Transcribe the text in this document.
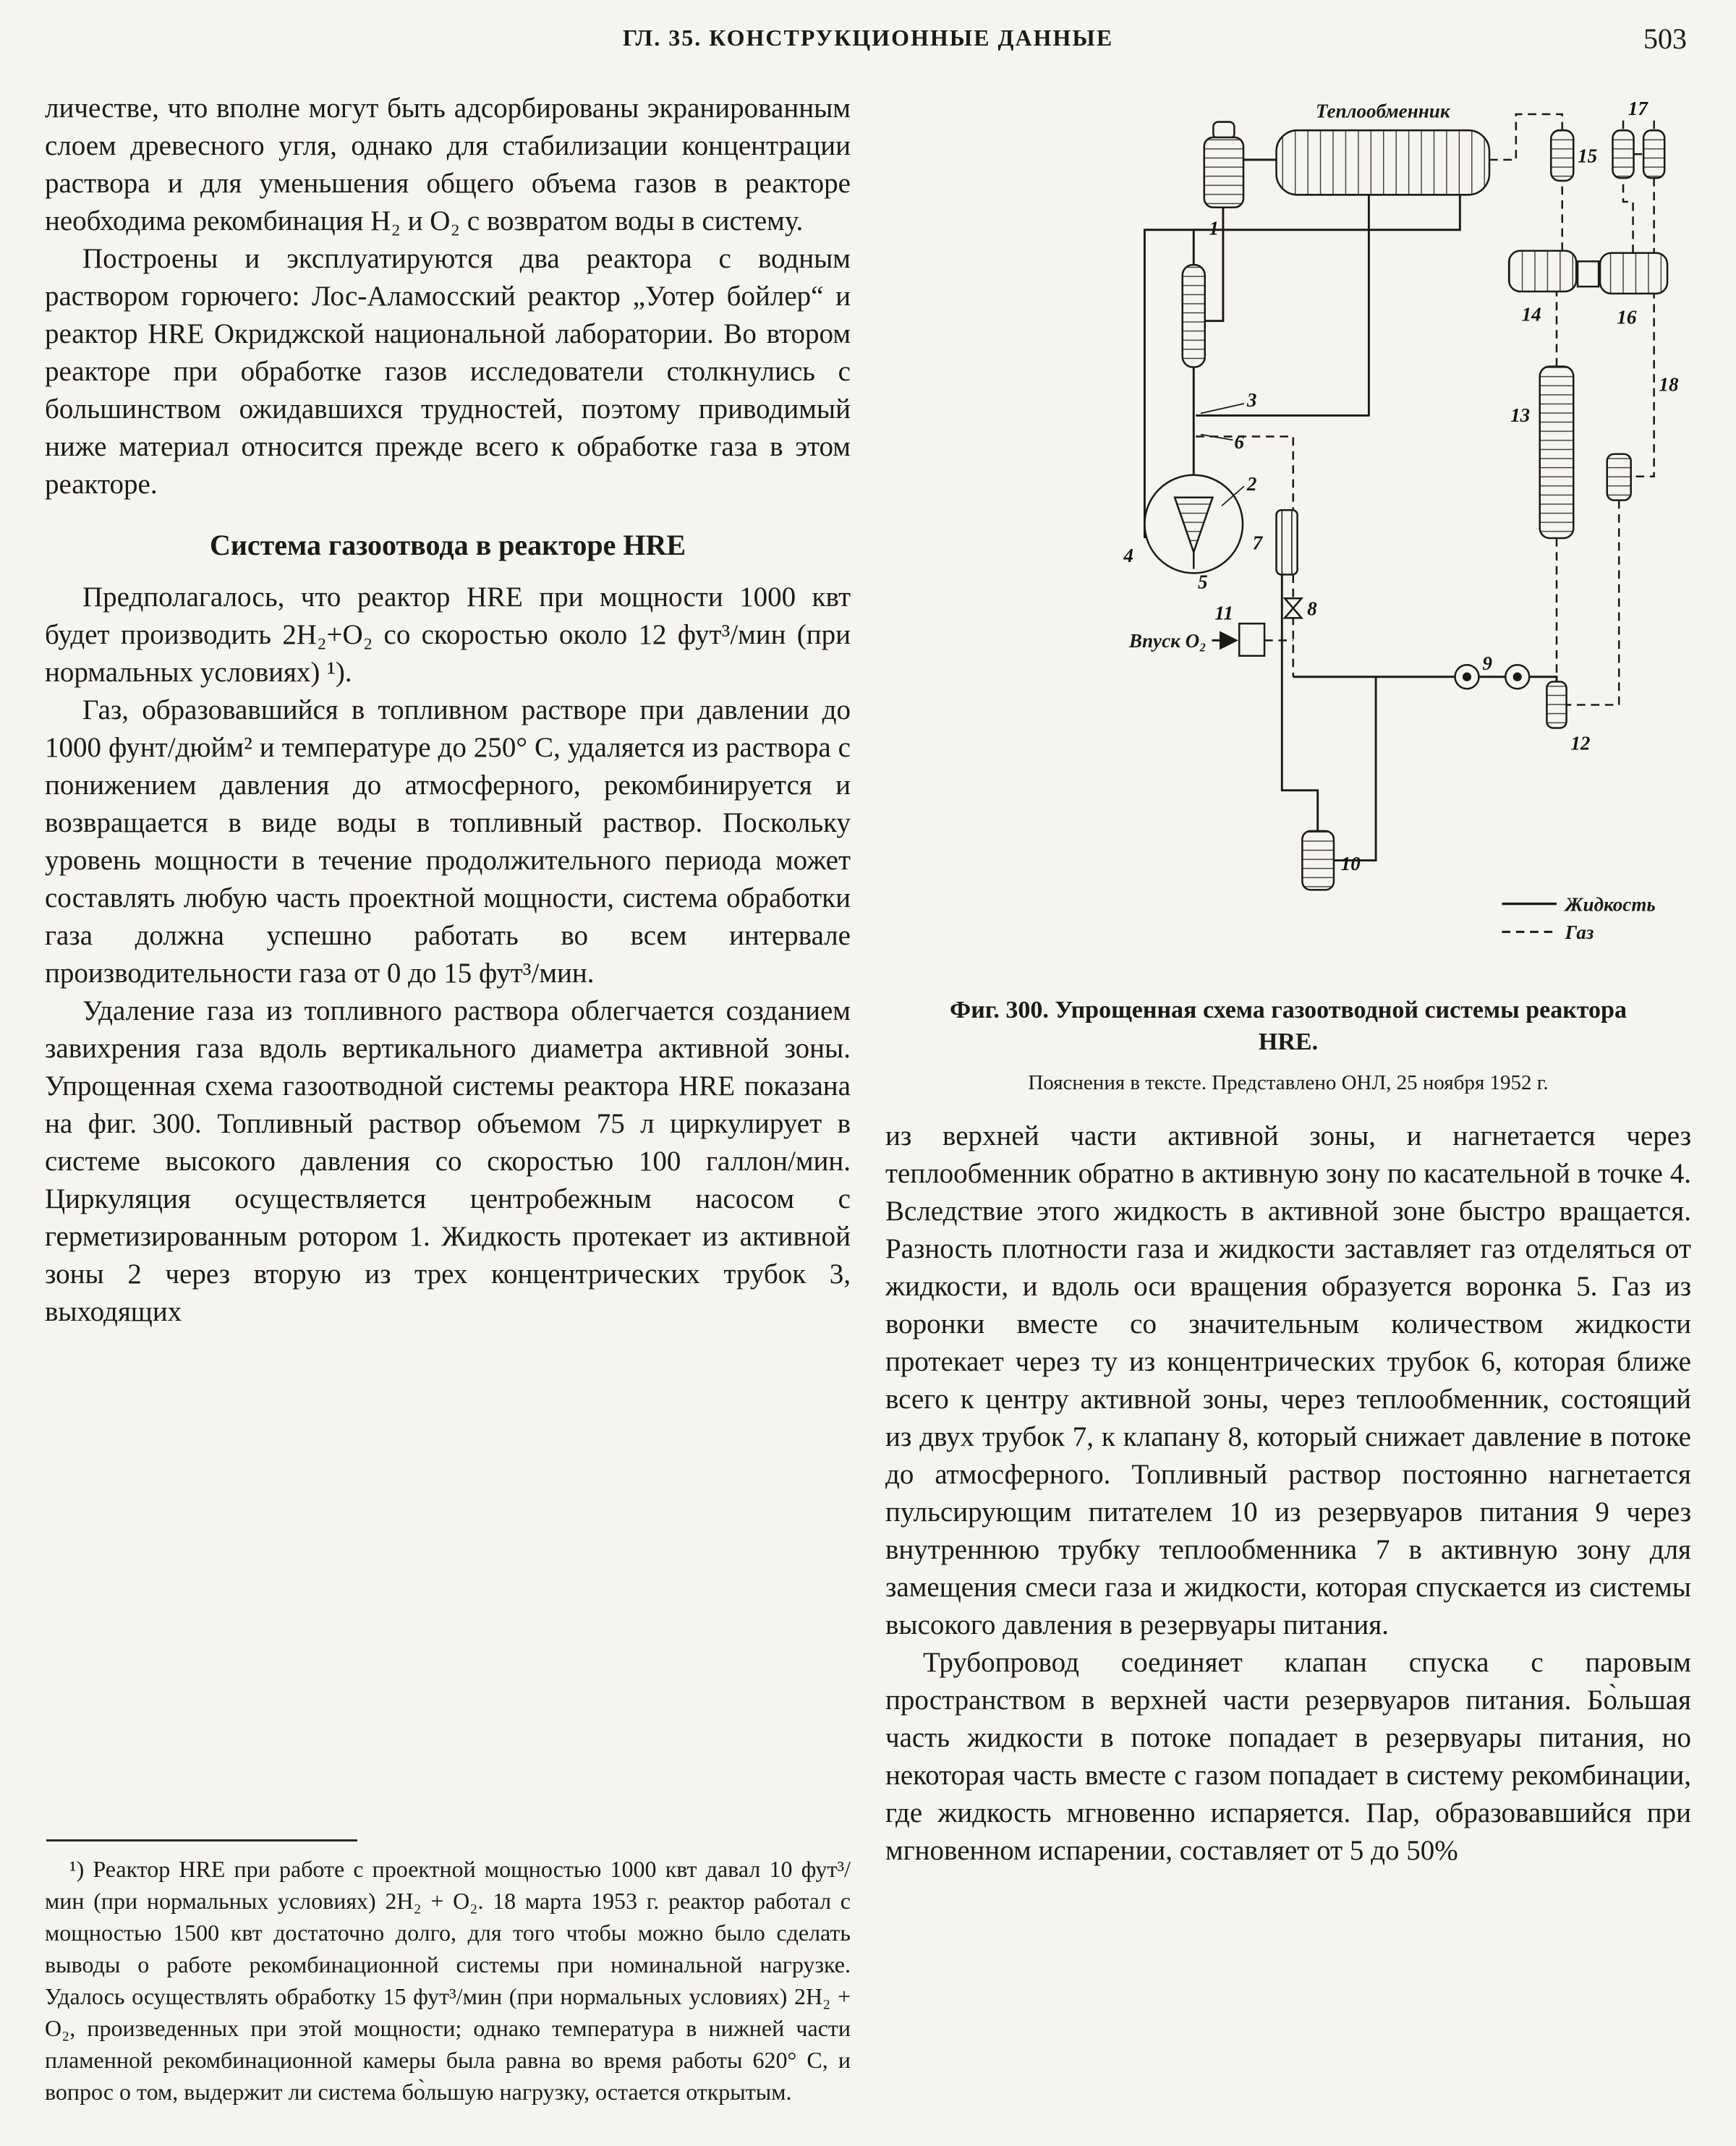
ГЛ. 35. КОНСТРУКЦИОННЫЕ ДАННЫЕ	503

личестве, что вполне могут быть адсорбированы экранированным слоем древесного угля, однако для стабилизации концентрации раствора и для уменьшения общего объема газов в реакторе необходима рекомбинация H₂ и O₂ с возвратом воды в систему.

Построены и эксплуатируются два реактора с водным раствором горючего: Лос-Аламосский реактор „Уотер бойлер“ и реактор HRE Окриджской национальной лаборатории. Во втором реакторе при обработке газов исследователи столкнулись с большинством ожидавшихся трудностей, поэтому приводимый ниже материал относится прежде всего к обработке газа в этом реакторе.

Система газоотвода в реакторе HRE

Предполагалось, что реактор HRE при мощности 1000 квт будет производить 2H₂+O₂ со скоростью около 12 фут³/мин (при нормальных условиях) ¹).

Газ, образовавшийся в топливном растворе при давлении до 1000 фунт/дюйм² и температуре до 250° C, удаляется из раствора с понижением давления до атмосферного, рекомбинируется и возвращается в виде воды в топливный раствор. Поскольку уровень мощности в течение продолжительного периода может составлять любую часть проектной мощности, система обработки газа должна успешно работать во всем интервале производительности газа от 0 до 15 фут³/мин.

Удаление газа из топливного раствора облегчается созданием завихрения газа вдоль вертикального диаметра активной зоны. Упрощенная схема газоотводной системы реактора HRE показана на фиг. 300. Топливный раствор объемом 75 л циркулирует в системе высокого давления со скоростью 100 галлон/мин. Циркуляция осуществляется центробежным насосом с герметизированным ротором 1. Жидкость протекает из активной зоны 2 через вторую из трех концентрических трубок 3, выходящих

¹) Реактор HRE при работе с проектной мощностью 1000 квт давал 10 фут³/мин (при нормальных условиях) 2H₂ + O₂. 18 марта 1953 г. реактор работал с мощностью 1500 квт достаточно долго, для того чтобы можно было сделать выводы о работе рекомбинационной системы при номинальной нагрузке. Удалось осуществлять обработку 15 фут³/мин (при нормальных условиях) 2H₂ + O₂, произведенных при этой мощности; однако температура в нижней части пламенной рекомбинационной камеры была равна во время работы 620° C, и вопрос о том, выдержит ли система бо̀льшую нагрузку, остается открытым.

Жидкость
Газ
Теплообменник
Впуск O₂
1
2
3
4
5
6
7
8
9
10
11
12
13
14
15
16
17
18
Фиг. 300. Упрощенная схема газоотводной системы реактора HRE.
Пояснения в тексте. Представлено ОНЛ, 25 ноября 1952 г.

из верхней части активной зоны, и нагнетается через теплообменник обратно в активную зону по касательной в точке 4. Вследствие этого жидкость в активной зоне быстро вращается. Разность плотности газа и жидкости заставляет газ отделяться от жидкости, и вдоль оси вращения образуется воронка 5. Газ из воронки вместе со значительным количеством жидкости протекает через ту из концентрических трубок 6, которая ближе всего к центру активной зоны, через теплообменник, состоящий из двух трубок 7, к клапану 8, который снижает давление в потоке до атмосферного. Топливный раствор постоянно нагнетается пульсирующим питателем 10 из резервуаров питания 9 через внутреннюю трубку теплообменника 7 в активную зону для замещения смеси газа и жидкости, которая спускается из системы высокого давления в резервуары питания.

Трубопровод соединяет клапан спуска с паровым пространством в верхней части резервуаров питания. Бо̀льшая часть жидкости в потоке попадает в резервуары питания, но некоторая часть вместе с газом попадает в систему рекомбинации, где жидкость мгновенно испаряется. Пар, образовавшийся при мгновенном испарении, составляет от 5 до 50%
